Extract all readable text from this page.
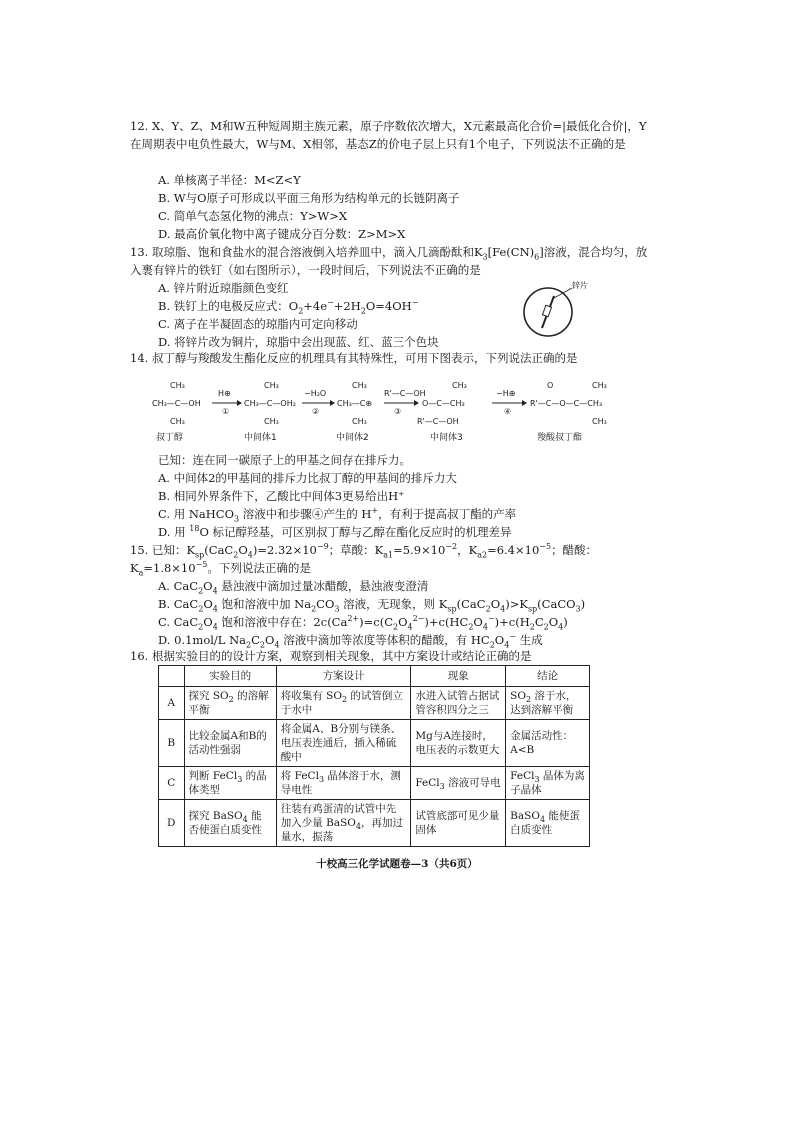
12. X、Y、Z、M和W五种短周期主族元素，原子序数依次增大，X元素最高化合价=|最低化合价|，Y在周期表中电负性最大，W与M、X相邻，基态Z的价电子层上只有1个电子，下列说法不正确的是
A. 单核离子半径：M<Z<Y
B. W与O原子可形成以平面三角形为结构单元的长链阴离子
C. 简单气态氢化物的沸点：Y>W>X
D. 最高价氧化物中离子键成分百分数：Z>M>X
13. 取琼脂、饱和食盐水的混合溶液倒入培养皿中，滴入几滴酚酞和$K_3[Fe(CN)_6]$溶液，混合均匀，放入裹有锌片的铁钉（如右图所示），一段时间后，下列说法不正确的是
A. 锌片附近琼脂颜色变红
B. 铁钉上的电极反应式：$O_2+4e^-+2H_2O=4OH^-$
C. 离子在半凝固态的琼脂内可定向移动
D. 将锌片改为铜片，琼脂中会出现蓝、红、蓝三个色块
锌片
14. 叔丁醇与羧酸发生酯化反应的机理具有其特殊性，可用下图表示，下列说法正确的是
CH₃—C—OH
CH₃
CH₃
H⊕
①
CH₃—C—OH₂
CH₃
CH₃
−H₂O
②
CH₃—C⊕
CH₃
CH₃
R'—C—OH
③
O—C—CH₃
R'—C—OH
CH₃
−H⊕
④
R'—C—O—C—CH₃
O	CH₃
CH₃
叔丁醇	中间体1	中间体2	中间体3	羧酸叔丁酯
已知：连在同一碳原子上的甲基之间存在排斥力。
A. 中间体2的甲基间的排斥力比叔丁醇的甲基间的排斥力大
B. 相同外界条件下，乙酸比中间体3更易给出H⁺
C. 用 NaHCO$_3$ 溶液中和步骤④产生的 H+，有利于提高叔丁酯的产率
D. 用 $^{18}$O 标记醇羟基，可区别叔丁醇与乙醇在酯化反应时的机理差异
15. 已知：$K_{sp}(CaC_2O_4)=2.32\times 10^{-9}$；草酸：$K_{a1}=5.9\times 10^{-2}$，$K_{a2}=6.4\times 10^{-5}$；醋酸：$K_a=1.8\times 10^{-5}$。下列说法正确的是
A. $CaC_2O_4$ 悬浊液中滴加过量冰醋酸，悬浊液变澄清
B. $CaC_2O_4$ 饱和溶液中加 $Na_2CO_3$ 溶液，无现象，则 $K_{sp}(CaC_2O_4)>K_{sp}(CaCO_3)$
C. $CaC_2O_4$ 饱和溶液中存在：$2c(Ca^{2+})=c(C_2O_4^{2-})+c(HC_2O_4^-)+c(H_2C_2O_4)$
D. 0.1mol/L $Na_2C_2O_4$ 溶液中滴加等浓度等体积的醋酸，有 $HC_2O_4^-$ 生成
16. 根据实验目的的设计方案，观察到相关现象，其中方案设计或结论正确的是
	实验目的	方案设计	现象	结论
A	探究 $SO_2$ 的溶解平衡	将收集有 $SO_2$ 的试管倒立于水中	水进入试管占据试管容积四分之三	$SO_2$ 溶于水，达到溶解平衡
B	比较金属A和B的活动性强弱	将金属A、B分别与镁条、电压表连通后，插入稀硫酸中	Mg与A连接时，电压表的示数更大	金属活动性：A<B
C	判断 FeCl$_3$ 的晶体类型	将 FeCl$_3$ 晶体溶于水，测导电性	FeCl$_3$ 溶液可导电	FeCl$_3$ 晶体为离子晶体
D	探究 BaSO$_4$ 能否使蛋白质变性	往装有鸡蛋清的试管中先加入少量 BaSO$_4$，再加过量水，振荡	试管底部可见少量固体	BaSO$_4$ 能使蛋白质变性
十校高三化学试题卷—3（共6页）
